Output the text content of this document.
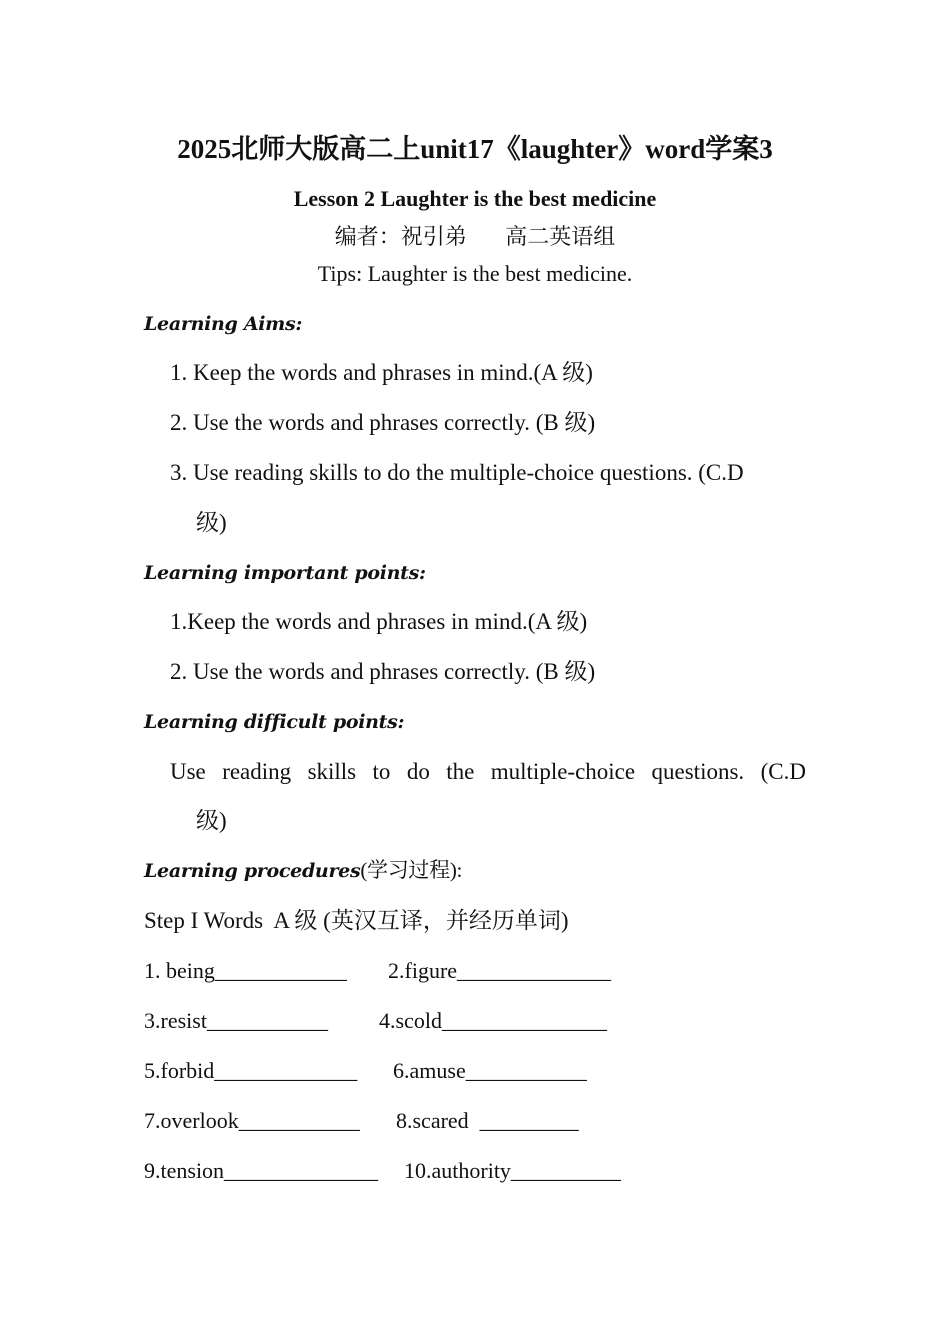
2025北师大版高二上unit17《laughter》word学案3
Lesson 2 Laughter is the best medicine
编者：祝引弟       高二英语组
Tips: Laughter is the best medicine.
Learning Aims:
1. Keep the words and phrases in mind.(A 级)
2. Use the words and phrases correctly. (B 级)
3. Use reading skills to do the multiple-choice questions. (C.D
级)
Learning important points:
1.Keep the words and phrases in mind.(A 级)
2. Use the words and phrases correctly. (B 级)
Learning difficult points:
Use reading skills to do the multiple-choice questions. (C.D
级)
Learning procedures(学习过程):
Step I Words  A 级 (英汉互译，并经历单词)
1. being____________ 2.figure______________
3.resist___________ 4.scold_______________
5.forbid_____________ 6.amuse___________
7.overlook___________ 8.scared  _________
9.tension______________ 10.authority__________
